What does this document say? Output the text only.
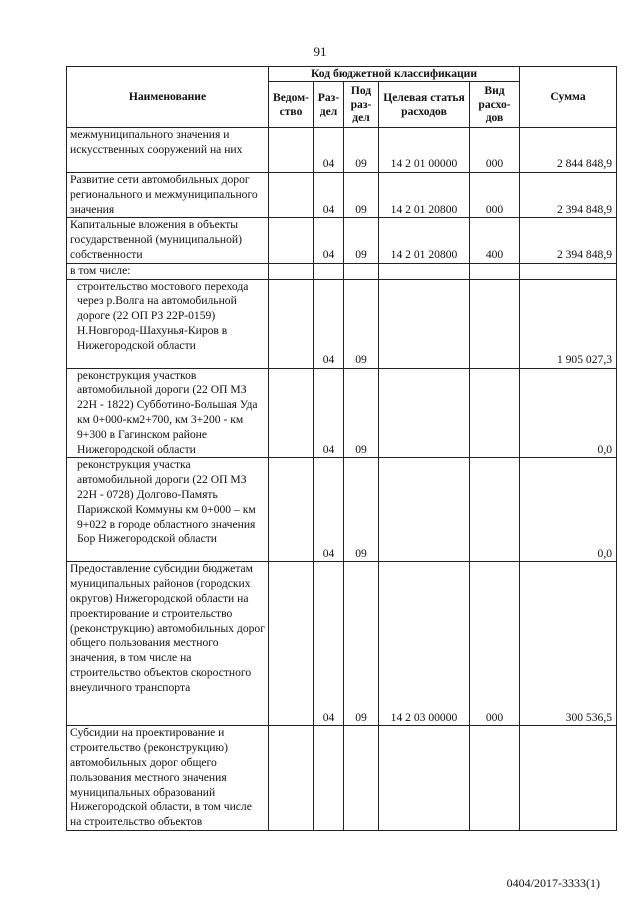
91
Наименование	Код бюджетной классификации					Сумма
	Ведом-ство	Раз-дел	Под раз-дел	Целевая статья расходов	Вид расхо-дов	
межмуниципального значения и искусственных сооружений на них		04	09	14 2 01 00000	000	2 844 848,9
Развитие сети автомобильных дорог регионального и межмуниципального значения		04	09	14 2 01 20800	000	2 394 848,9
Капитальные вложения в объекты государственной (муниципальной) собственности		04	09	14 2 01 20800	400	2 394 848,9
в том числе:						
строительство мостового перехода через р.Волга на автомобильной дороге (22 ОП РЗ 22Р-0159) Н.Новгород-Шахунья-Киров в Нижегородской области		04	09			1 905 027,3
реконструкция участков автомобильной дороги (22 ОП МЗ 22Н - 1822) Субботино-Большая Уда км 0+000-км2+700, км 3+200 - км 9+300 в Гагинском районе Нижегородской области		04	09			0,0
реконструкция участка автомобильной дороги (22 ОП МЗ 22Н - 0728) Долгово-Память Парижской Коммуны км 0+000 – км 9+022 в городе областного значения Бор Нижегородской области		04	09			0,0
Предоставление субсидии бюджетам муниципальных районов (городских округов) Нижегородской области на проектирование и строительство (реконструкцию) автомобильных дорог общего пользования местного значения, в том числе на строительство объектов скоростного внеуличного транспорта		04	09	14 2 03 00000	000	300 536,5
Субсидии на проектирование и строительство (реконструкцию) автомобильных дорог общего пользования местного значения муниципальных образований Нижегородской области, в том числе на строительство объектов						
0404/2017-3333(1)
